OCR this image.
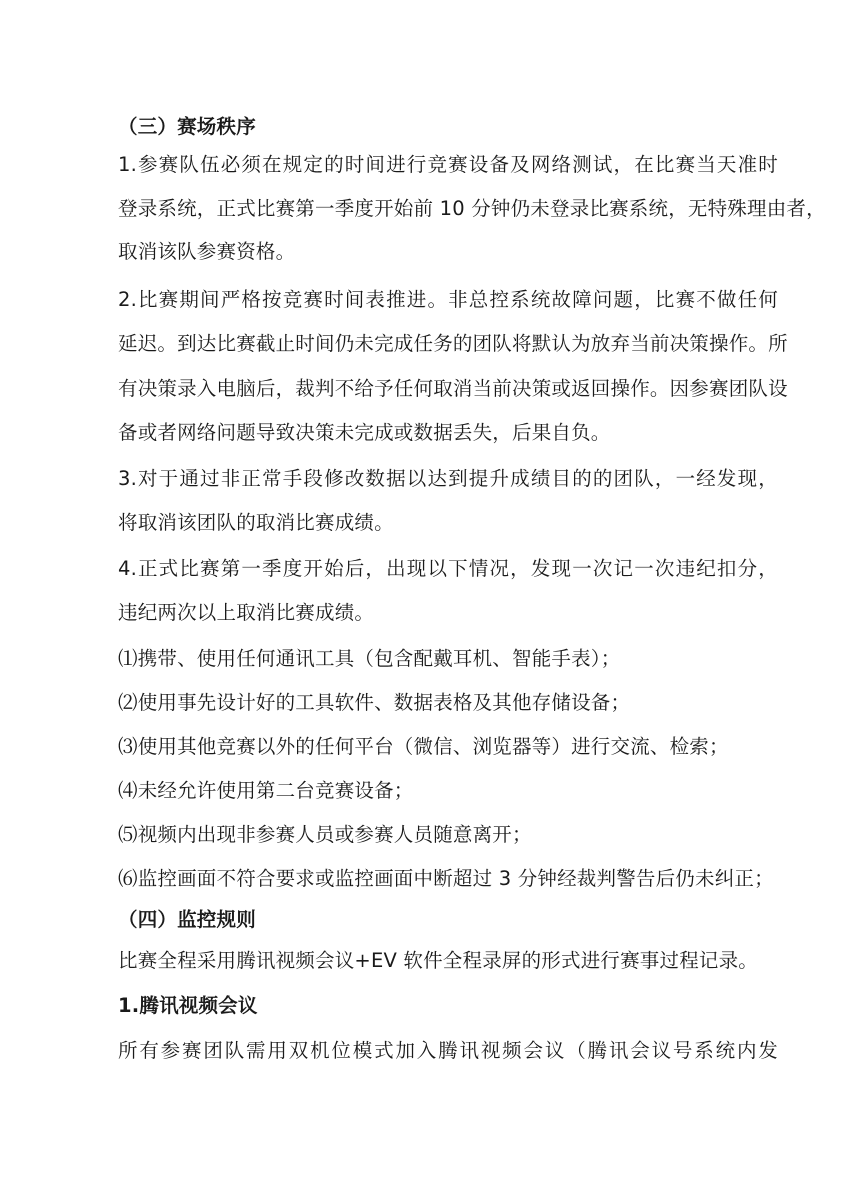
（三）赛场秩序
1.参赛队伍必须在规定的时间进行竞赛设备及网络测试，在比赛当天准时
登录系统，正式比赛第一季度开始前 10 分钟仍未登录比赛系统，无特殊理由者，
取消该队参赛资格。
2.比赛期间严格按竞赛时间表推进。非总控系统故障问题，比赛不做任何
延迟。到达比赛截止时间仍未完成任务的团队将默认为放弃当前决策操作。所
有决策录入电脑后，裁判不给予任何取消当前决策或返回操作。因参赛团队设
备或者网络问题导致决策未完成或数据丢失，后果自负。
3.对于通过非正常手段修改数据以达到提升成绩目的的团队，一经发现，
将取消该团队的取消比赛成绩。
4.正式比赛第一季度开始后，出现以下情况，发现一次记一次违纪扣分，
违纪两次以上取消比赛成绩。
⑴携带、使用任何通讯工具（包含配戴耳机、智能手表）；
⑵使用事先设计好的工具软件、数据表格及其他存储设备；
⑶使用其他竞赛以外的任何平台（微信、浏览器等）进行交流、检索；
⑷未经允许使用第二台竞赛设备；
⑸视频内出现非参赛人员或参赛人员随意离开；
⑹监控画面不符合要求或监控画面中断超过 3 分钟经裁判警告后仍未纠正；
（四）监控规则
比赛全程采用腾讯视频会议+EV 软件全程录屏的形式进行赛事过程记录。
1.腾讯视频会议
所有参赛团队需用双机位模式加入腾讯视频会议（腾讯会议号系统内发
